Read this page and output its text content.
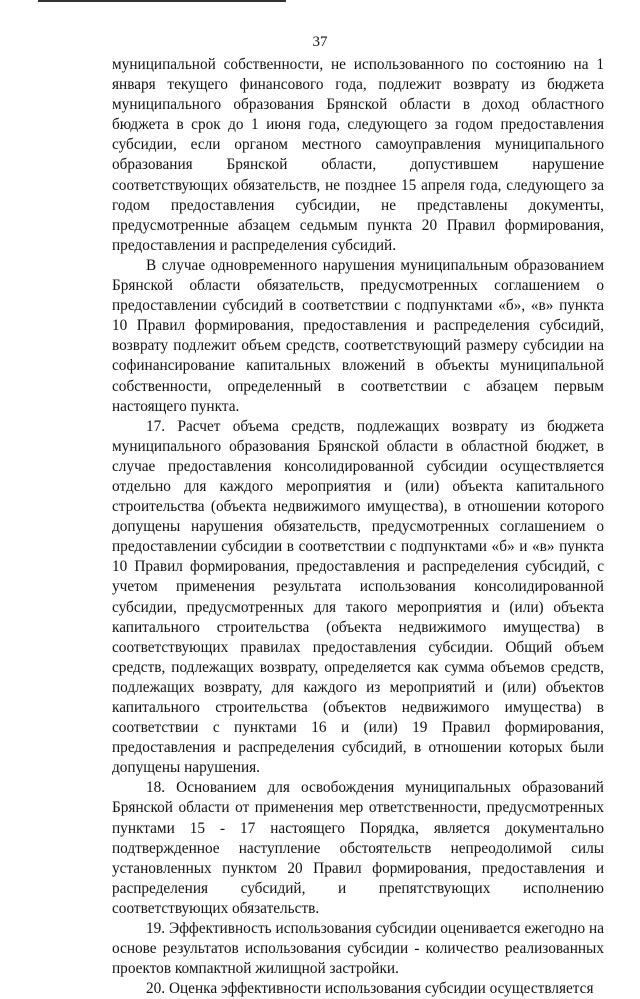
37

муниципальной собственности, не использованного по состоянию на 1 января текущего финансового года, подлежит возврату из бюджета муниципального образования Брянской области в доход областного бюджета в срок до 1 июня года, следующего за годом предоставления субсидии, если органом местного самоуправления муниципального образования Брянской области, допустившем нарушение соответствующих обязательств, не позднее 15 апреля года, следующего за годом предоставления субсидии, не представлены документы, предусмотренные абзацем седьмым пункта 20 Правил формирования, предоставления и распределения субсидий.

В случае одновременного нарушения муниципальным образованием Брянской области обязательств, предусмотренных соглашением о предоставлении субсидий в соответствии с подпунктами «б», «в» пункта 10 Правил формирования, предоставления и распределения субсидий, возврату подлежит объем средств, соответствующий размеру субсидии на софинансирование капитальных вложений в объекты муниципальной собственности, определенный в соответствии с абзацем первым настоящего пункта.

17. Расчет объема средств, подлежащих возврату из бюджета муниципального образования Брянской области в областной бюджет, в случае предоставления консолидированной субсидии осуществляется отдельно для каждого мероприятия и (или) объекта капитального строительства (объекта недвижимого имущества), в отношении которого допущены нарушения обязательств, предусмотренных соглашением о предоставлении субсидии в соответствии с подпунктами «б» и «в» пункта 10 Правил формирования, предоставления и распределения субсидий, с учетом применения результата использования консолидированной субсидии, предусмотренных для такого мероприятия и (или) объекта капитального строительства (объекта недвижимого имущества) в соответствующих правилах предоставления субсидии. Общий объем средств, подлежащих возврату, определяется как сумма объемов средств, подлежащих возврату, для каждого из мероприятий и (или) объектов капитального строительства (объектов недвижимого имущества) в соответствии с пунктами 16 и (или) 19 Правил формирования, предоставления и распределения субсидий, в отношении которых были допущены нарушения.

18. Основанием для освобождения муниципальных образований Брянской области от применения мер ответственности, предусмотренных пунктами 15 - 17 настоящего Порядка, является документально подтвержденное наступление обстоятельств непреодолимой силы установленных пунктом 20 Правил формирования, предоставления и распределения субсидий, и препятствующих исполнению соответствующих обязательств.

19. Эффективность использования субсидии оценивается ежегодно на основе результатов использования субсидии - количество реализованных проектов компактной жилищной застройки.

20. Оценка эффективности использования субсидии осуществляется
